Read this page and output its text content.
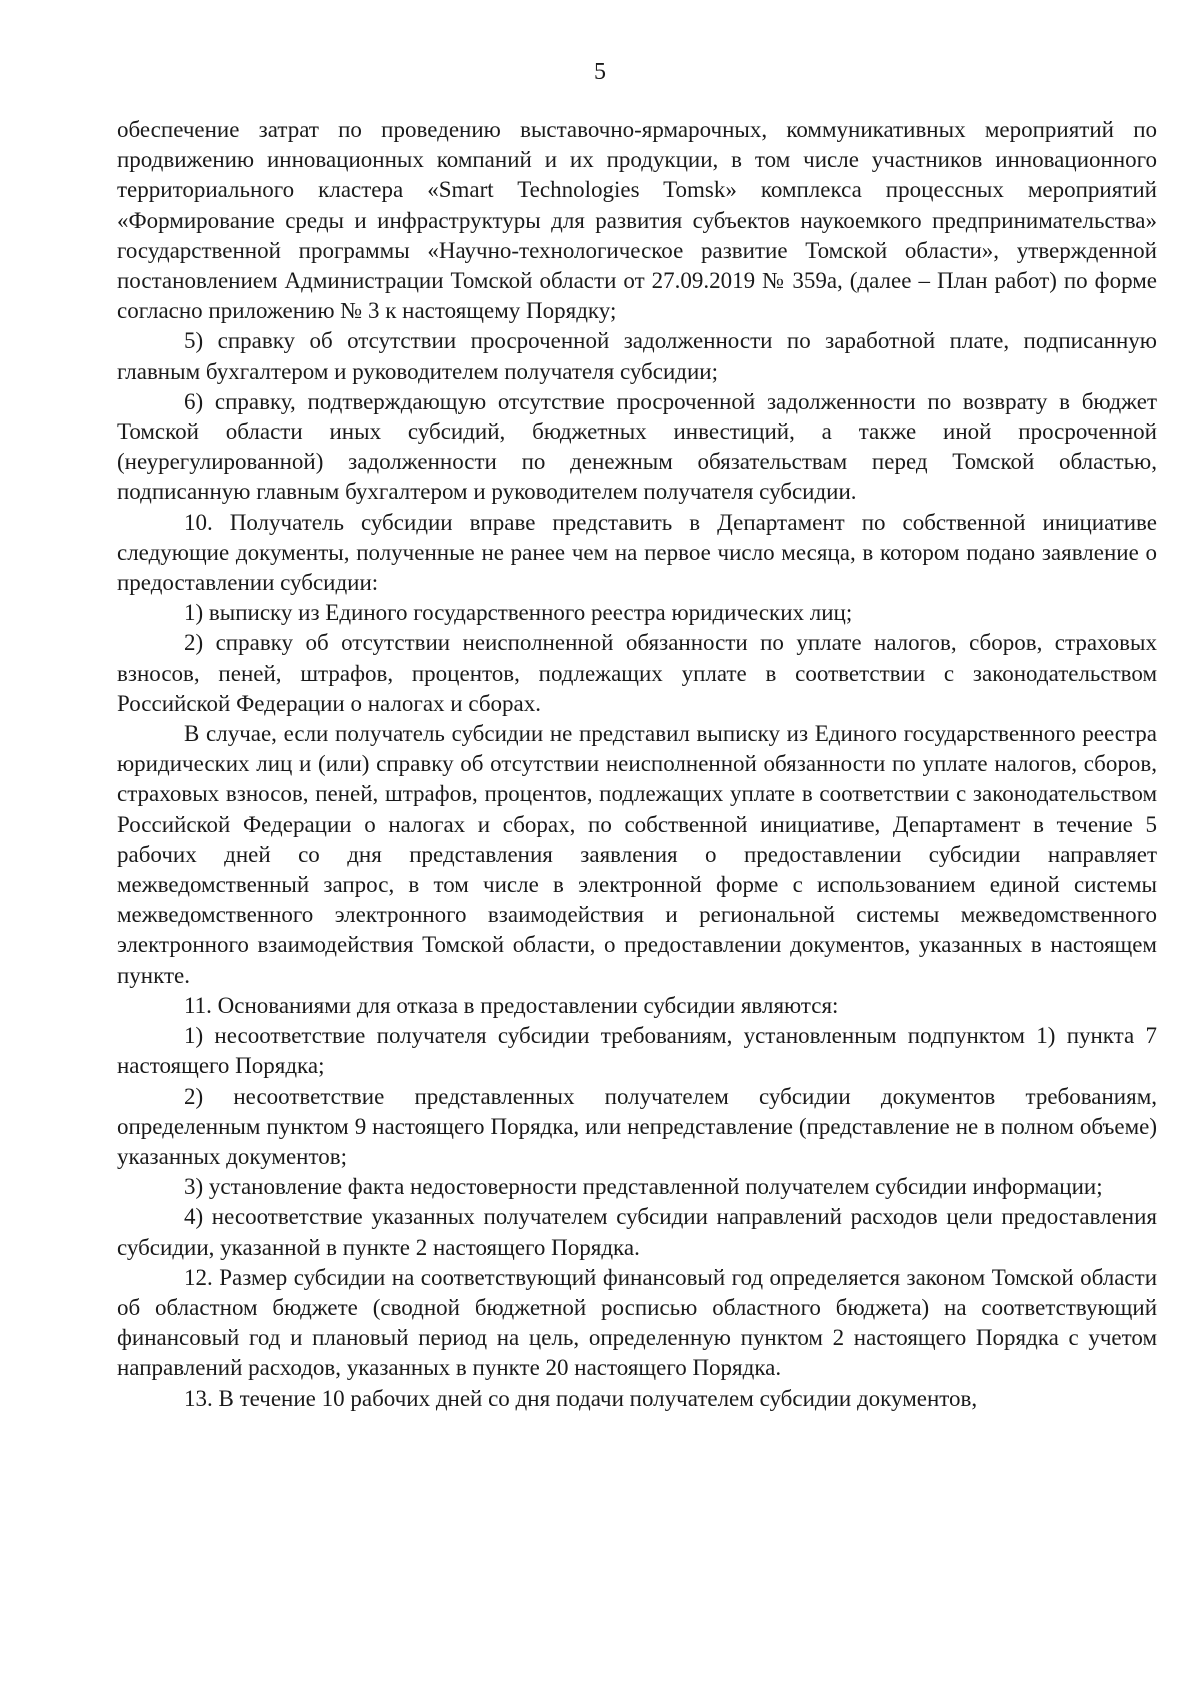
5

обеспечение затрат по проведению выставочно-ярмарочных, коммуникативных мероприятий по продвижению инновационных компаний и их продукции, в том числе участников инновационного территориального кластера «Smart Technologies Tomsk» комплекса процессных мероприятий «Формирование среды и инфраструктуры для развития субъектов наукоемкого предпринимательства» государственной программы «Научно-технологическое развитие Томской области», утвержденной постановлением Администрации Томской области от 27.09.2019 № 359а, (далее – План работ) по форме согласно приложению № 3 к настоящему Порядку;

5) справку об отсутствии просроченной задолженности по заработной плате, подписанную главным бухгалтером и руководителем получателя субсидии;

6) справку, подтверждающую отсутствие просроченной задолженности по возврату в бюджет Томской области иных субсидий, бюджетных инвестиций, а также иной просроченной (неурегулированной) задолженности по денежным обязательствам перед Томской областью, подписанную главным бухгалтером и руководителем получателя субсидии.

10. Получатель субсидии вправе представить в Департамент по собственной инициативе следующие документы, полученные не ранее чем на первое число месяца, в котором подано заявление о предоставлении субсидии:

1) выписку из Единого государственного реестра юридических лиц;

2) справку об отсутствии неисполненной обязанности по уплате налогов, сборов, страховых взносов, пеней, штрафов, процентов, подлежащих уплате в соответствии с законодательством Российской Федерации о налогах и сборах.

В случае, если получатель субсидии не представил выписку из Единого государственного реестра юридических лиц и (или) справку об отсутствии неисполненной обязанности по уплате налогов, сборов, страховых взносов, пеней, штрафов, процентов, подлежащих уплате в соответствии с законодательством Российской Федерации о налогах и сборах, по собственной инициативе, Департамент в течение 5 рабочих дней со дня представления заявления о предоставлении субсидии направляет межведомственный запрос, в том числе в электронной форме с использованием единой системы межведомственного электронного взаимодействия и региональной системы межведомственного электронного взаимодействия Томской области, о предоставлении документов, указанных в настоящем пункте.

11. Основаниями для отказа в предоставлении субсидии являются:

1) несоответствие получателя субсидии требованиям, установленным подпунктом 1) пункта 7 настоящего Порядка;

2) несоответствие представленных получателем субсидии документов требованиям, определенным пунктом 9 настоящего Порядка, или непредставление (представление не в полном объеме) указанных документов;

3) установление факта недостоверности представленной получателем субсидии информации;

4) несоответствие указанных получателем субсидии направлений расходов цели предоставления субсидии, указанной в пункте 2 настоящего Порядка.

12. Размер субсидии на соответствующий финансовый год определяется законом Томской области об областном бюджете (сводной бюджетной росписью областного бюджета) на соответствующий финансовый год и плановый период на цель, определенную пунктом 2 настоящего Порядка с учетом направлений расходов, указанных в пункте 20 настоящего Порядка.

13. В течение 10 рабочих дней со дня подачи получателем субсидии документов,
